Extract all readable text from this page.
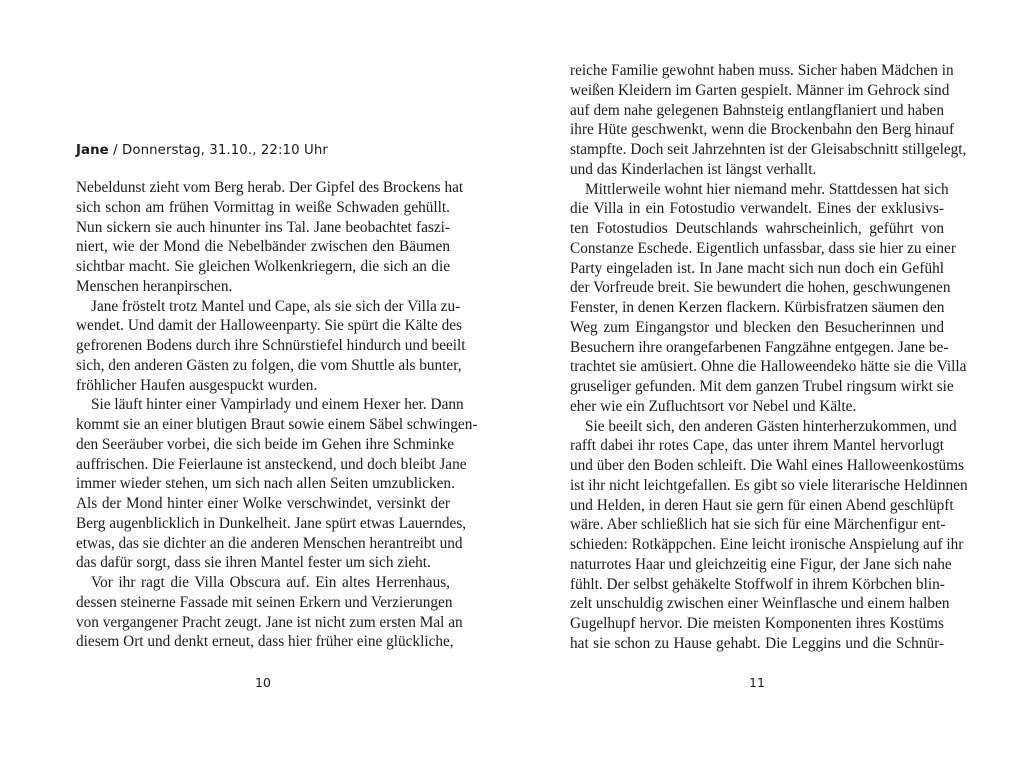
Jane / Donnerstag, 31.10., 22:10 Uhr
Nebeldunst zieht vom Berg herab. Der Gipfel des Brockens hat
sich schon am frühen Vormittag in weiße Schwaden gehüllt.
Nun sickern sie auch hinunter ins Tal. Jane beobachtet faszi-
niert, wie der Mond die Nebelbänder zwischen den Bäumen
sichtbar macht. Sie gleichen Wolkenkriegern, die sich an die
Menschen heranpirschen.
Jane fröstelt trotz Mantel und Cape, als sie sich der Villa zu-
wendet. Und damit der Halloweenparty. Sie spürt die Kälte des
gefrorenen Bodens durch ihre Schnürstiefel hindurch und beeilt
sich, den anderen Gästen zu folgen, die vom Shuttle als bunter,
fröhlicher Haufen ausgespuckt wurden.
Sie läuft hinter einer Vampirlady und einem Hexer her. Dann
kommt sie an einer blutigen Braut sowie einem Säbel schwingen-
den Seeräuber vorbei, die sich beide im Gehen ihre Schminke
auffrischen. Die Feierlaune ist ansteckend, und doch bleibt Jane
immer wieder stehen, um sich nach allen Seiten umzublicken.
Als der Mond hinter einer Wolke verschwindet, versinkt der
Berg augenblicklich in Dunkelheit. Jane spürt etwas Lauerndes,
etwas, das sie dichter an die anderen Menschen herantreibt und
das dafür sorgt, dass sie ihren Mantel fester um sich zieht.
Vor ihr ragt die Villa Obscura auf. Ein altes Herrenhaus,
dessen steinerne Fassade mit seinen Erkern und Verzierungen
von vergangener Pracht zeugt. Jane ist nicht zum ersten Mal an
diesem Ort und denkt erneut, dass hier früher eine glückliche,
10
reiche Familie gewohnt haben muss. Sicher haben Mädchen in
weißen Kleidern im Garten gespielt. Männer im Gehrock sind
auf dem nahe gelegenen Bahnsteig entlangflaniert und haben
ihre Hüte geschwenkt, wenn die Brockenbahn den Berg hinauf
stampfte. Doch seit Jahrzehnten ist der Gleisabschnitt stillgelegt,
und das Kinderlachen ist längst verhallt.
Mittlerweile wohnt hier niemand mehr. Stattdessen hat sich
die Villa in ein Fotostudio verwandelt. Eines der exklusivs-
ten Fotostudios Deutschlands wahrscheinlich, geführt von
Constanze Eschede. Eigentlich unfassbar, dass sie hier zu einer
Party eingeladen ist. In Jane macht sich nun doch ein Gefühl
der Vorfreude breit. Sie bewundert die hohen, geschwungenen
Fenster, in denen Kerzen flackern. Kürbisfratzen säumen den
Weg zum Eingangstor und blecken den Besucherinnen und
Besuchern ihre orangefarbenen Fangzähne entgegen. Jane be-
trachtet sie amüsiert. Ohne die Halloweendeko hätte sie die Villa
gruseliger gefunden. Mit dem ganzen Trubel ringsum wirkt sie
eher wie ein Zufluchtsort vor Nebel und Kälte.
Sie beeilt sich, den anderen Gästen hinterherzukommen, und
rafft dabei ihr rotes Cape, das unter ihrem Mantel hervorlugt
und über den Boden schleift. Die Wahl eines Halloweenkostüms
ist ihr nicht leichtgefallen. Es gibt so viele literarische Heldinnen
und Helden, in deren Haut sie gern für einen Abend geschlüpft
wäre. Aber schließlich hat sie sich für eine Märchenfigur ent-
schieden: Rotkäppchen. Eine leicht ironische Anspielung auf ihr
naturrotes Haar und gleichzeitig eine Figur, der Jane sich nahe
fühlt. Der selbst gehäkelte Stoffwolf in ihrem Körbchen blin-
zelt unschuldig zwischen einer Weinflasche und einem halben
Gugelhupf hervor. Die meisten Komponenten ihres Kostüms
hat sie schon zu Hause gehabt. Die Leggins und die Schnür-
11
